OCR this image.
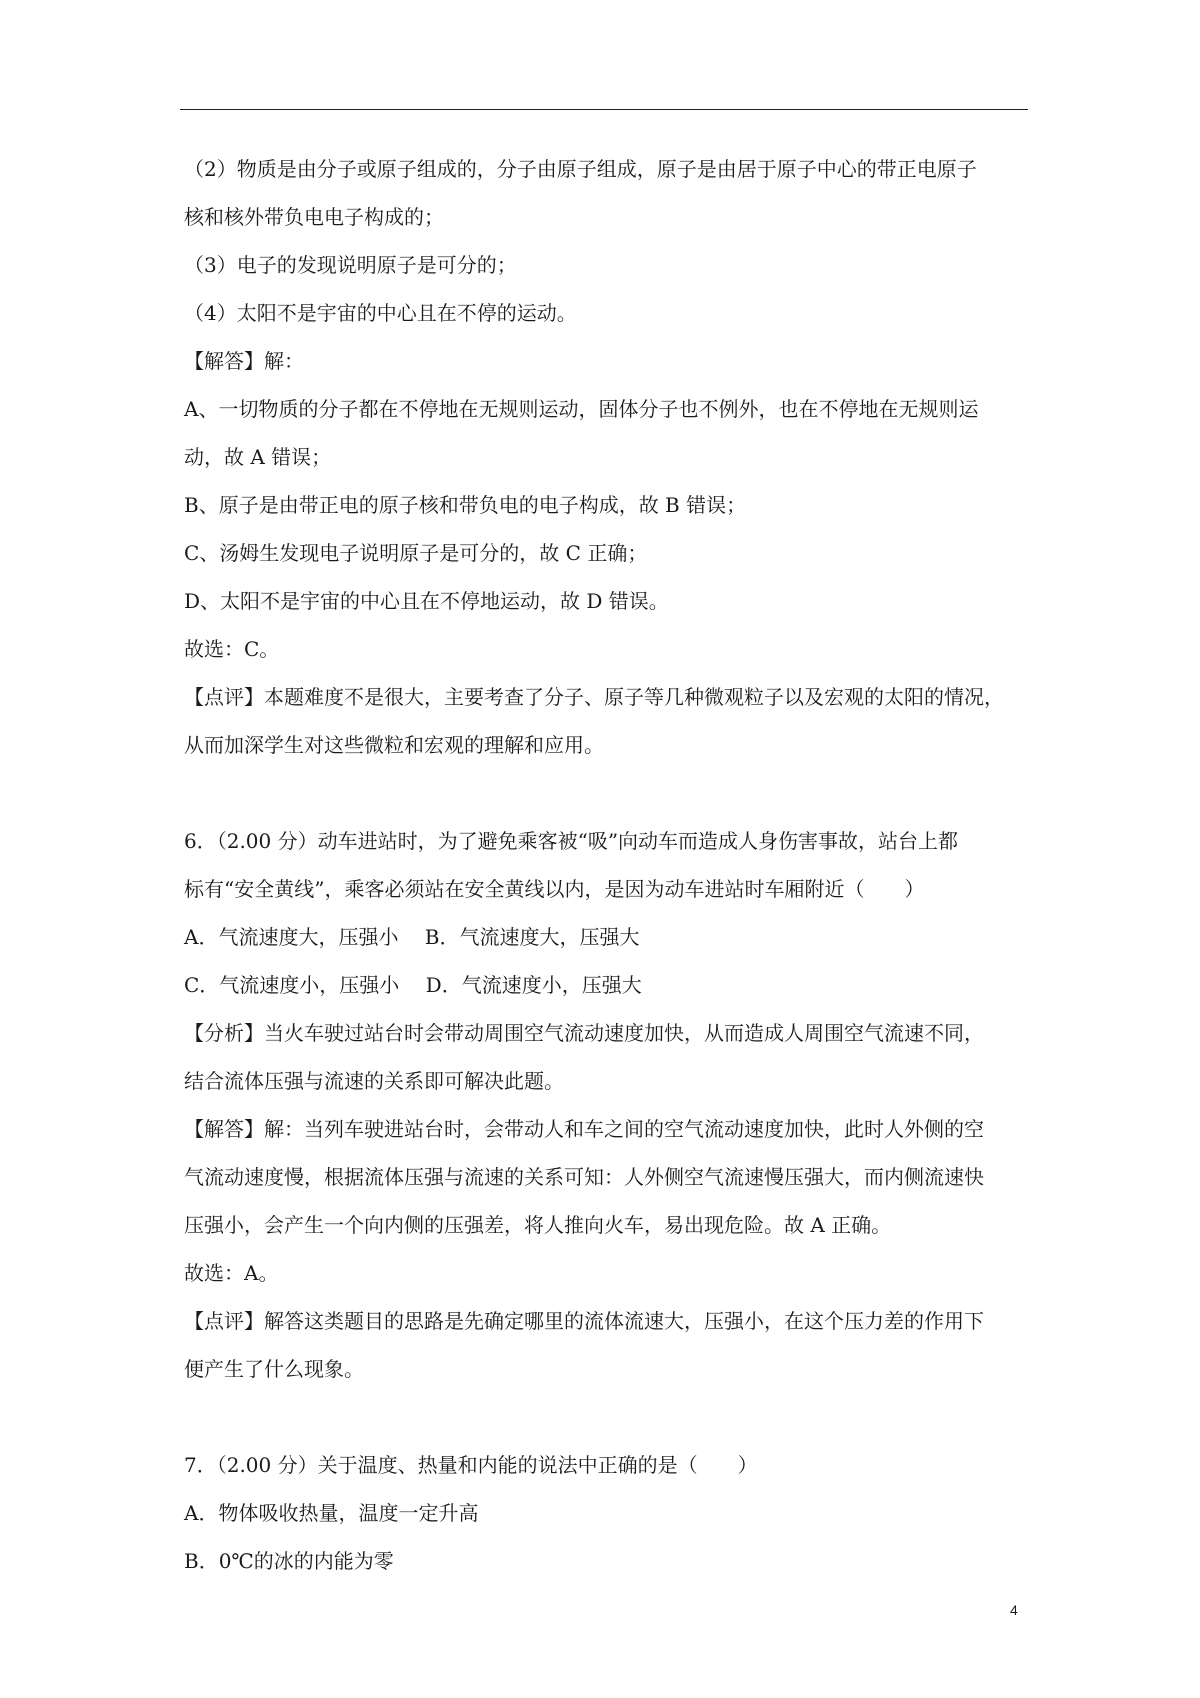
（2）物质是由分子或原子组成的，分子由原子组成，原子是由居于原子中心的带正电原子

核和核外带负电电子构成的；

（3）电子的发现说明原子是可分的；

（4）太阳不是宇宙的中心且在不停的运动。

【解答】解：

A、一切物质的分子都在不停地在无规则运动，固体分子也不例外，也在不停地在无规则运

动，故 A 错误；

B、原子是由带正电的原子核和带负电的电子构成，故 B 错误；

C、汤姆生发现电子说明原子是可分的，故 C 正确；

D、太阳不是宇宙的中心且在不停地运动，故 D 错误。

故选：C。

【点评】本题难度不是很大，主要考查了分子、原子等几种微观粒子以及宏观的太阳的情况，

从而加深学生对这些微粒和宏观的理解和应用。

6．（2.00 分）动车进站时，为了避免乘客被“吸”向动车而造成人身伤害事故，站台上都

标有“安全黄线”，乘客必须站在安全黄线以内，是因为动车进站时车厢附近（　　）

A．气流速度大，压强小　 B．气流速度大，压强大

C．气流速度小，压强小　 D．气流速度小，压强大

【分析】当火车驶过站台时会带动周围空气流动速度加快，从而造成人周围空气流速不同，

结合流体压强与流速的关系即可解决此题。

【解答】解：当列车驶进站台时，会带动人和车之间的空气流动速度加快，此时人外侧的空

气流动速度慢，根据流体压强与流速的关系可知：人外侧空气流速慢压强大，而内侧流速快

压强小，会产生一个向内侧的压强差，将人推向火车，易出现危险。故 A 正确。

故选：A。

【点评】解答这类题目的思路是先确定哪里的流体流速大，压强小，在这个压力差的作用下

便产生了什么现象。

7．（2.00 分）关于温度、热量和内能的说法中正确的是（　　）

A．物体吸收热量，温度一定升高

B．0℃的冰的内能为零

4
